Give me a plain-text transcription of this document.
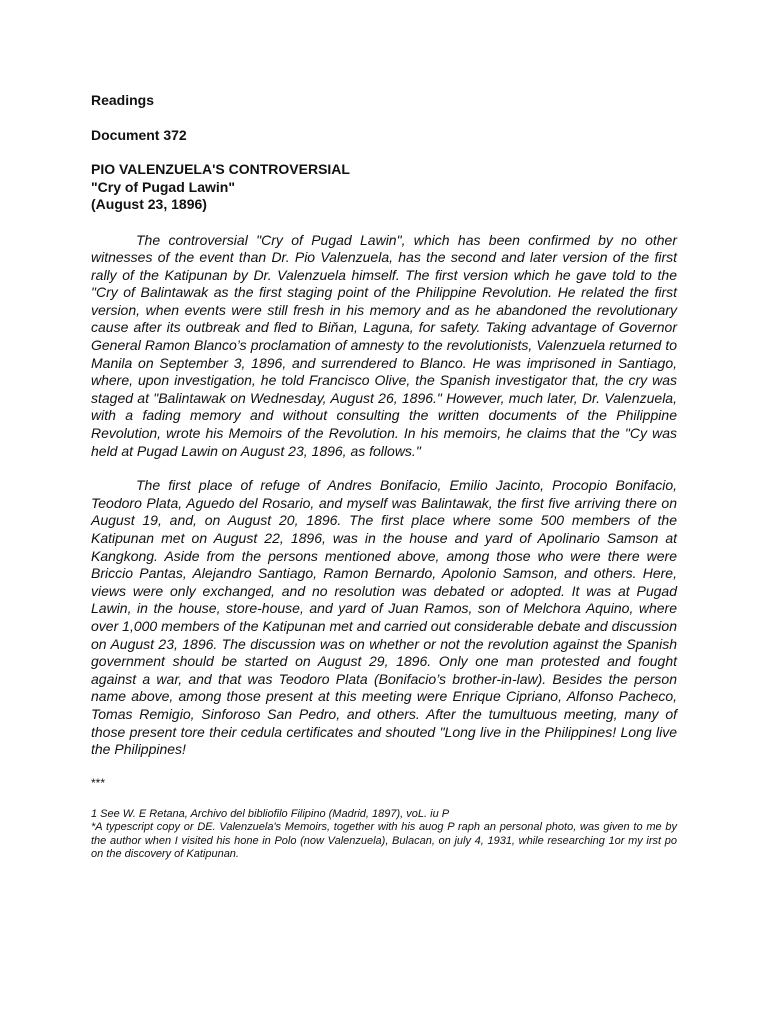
Readings

Document 372

PIO VALENZUELA'S CONTROVERSIAL
"Cry of Pugad Lawin"
(August 23, 1896)

The controversial "Cry of Pugad Lawin", which has been confirmed by no other witnesses of the event than Dr. Pio Valenzuela, has the second and later version of the first rally of the Katipunan by Dr. Valenzuela himself. The first version which he gave told to the "Cry of Balintawak as the first staging point of the Philippine Revolution. He related the first version, when events were still fresh in his memory and as he abandoned the revolutionary cause after its outbreak and fled to Biňan, Laguna, for safety. Taking advantage of Governor General Ramon Blanco’s proclamation of amnesty to the revolutionists, Valenzuela returned to Manila on September 3, 1896, and surrendered to Blanco. He was imprisoned in Santiago, where, upon investigation, he told Francisco Olive, the Spanish investigator that, the cry was staged at "Balintawak on Wednesday, August 26, 1896." However, much later, Dr. Valenzuela, with a fading memory and without consulting the written documents of the Philippine Revolution, wrote his Memoirs of the Revolution. In his memoirs, he claims that the "Cy was held at Pugad Lawin on August 23, 1896, as follows."

The first place of refuge of Andres Bonifacio, Emilio Jacinto, Procopio Bonifacio, Teodoro Plata, Aguedo del Rosario, and myself was Balintawak, the first five arriving there on August 19, and, on August 20, 1896. The first place where some 500 members of the Katipunan met on August 22, 1896, was in the house and yard of Apolinario Samson at Kangkong. Aside from the persons mentioned above, among those who were there were Briccio Pantas, Alejandro Santiago, Ramon Bernardo, Apolonio Samson, and others. Here, views were only exchanged, and no resolution was debated or adopted. It was at Pugad Lawin, in the house, store-house, and yard of Juan Ramos, son of Melchora Aquino, where over 1,000 members of the Katipunan met and carried out considerable debate and discussion on August 23, 1896. The discussion was on whether or not the revolution against the Spanish government should be started on August 29, 1896. Only one man protested and fought against a war, and that was Teodoro Plata (Bonifacio’s brother-in-law). Besides the person name above, among those present at this meeting were Enrique Cipriano, Alfonso Pacheco, Tomas Remigio, Sinforoso San Pedro, and others. After the tumultuous meeting, many of those present tore their cedula certificates and shouted "Long live in the Philippines! Long live the Philippines!

***

1 See W. E Retana, Archivo del bibliofilo Filipino (Madrid, 1897), voL. iu P

*A typescript copy or DE. Valenzuela's Memoirs, together with his auog P raph an personal photo, was given to me by the author when I visited his hone in Polo (now Valenzuela), Bulacan, on july 4, 1931, while researching 1or my irst po on the discovery of Katipunan.
